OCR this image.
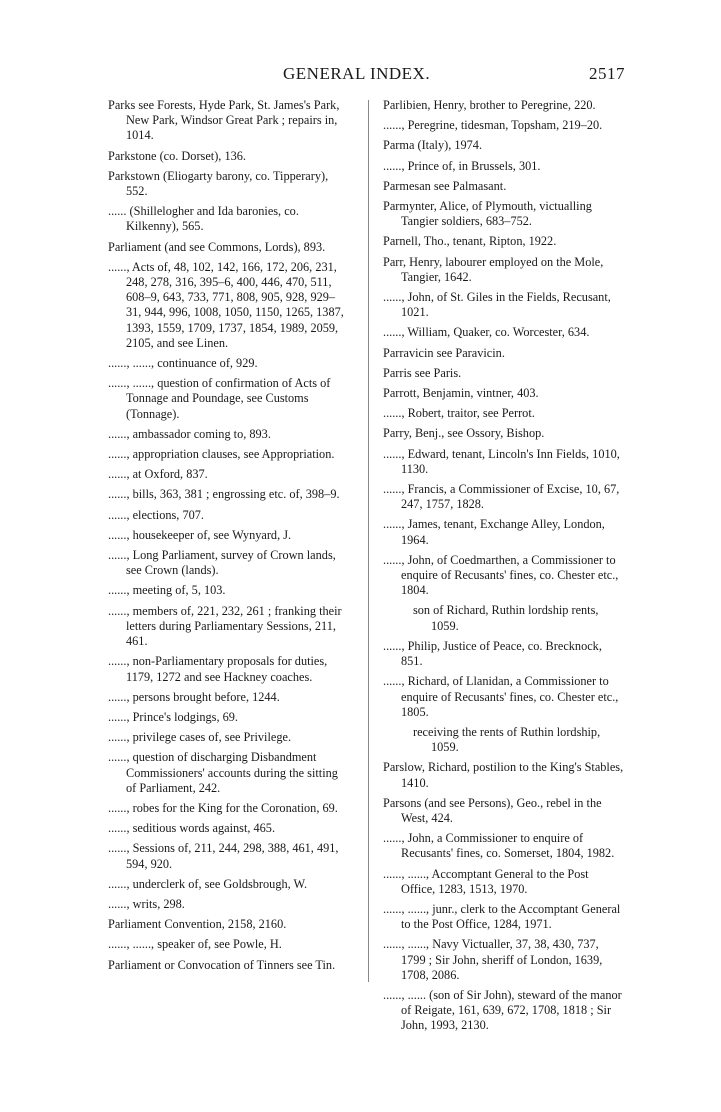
GENERAL INDEX.	2517

Parks see Forests, Hyde Park, St. James's Park, New Park, Windsor Great Park ; repairs in, 1014.

Parkstone (co. Dorset), 136.

Parkstown (Eliogarty barony, co. Tipperary), 552.

...... (Shillelogher and Ida baronies, co. Kilkenny), 565.

Parliament (and see Commons, Lords), 893.

......, Acts of, 48, 102, 142, 166, 172, 206, 231, 248, 278, 316, 395–6, 400, 446, 470, 511, 608–9, 643, 733, 771, 808, 905, 928, 929–31, 944, 996, 1008, 1050, 1150, 1265, 1387, 1393, 1559, 1709, 1737, 1854, 1989, 2059, 2105, and see Linen.

......, ......, continuance of, 929.

......, ......, question of confirmation of Acts of Tonnage and Poundage, see Customs (Tonnage).

......, ambassador coming to, 893.

......, appropriation clauses, see Appropriation.

......, at Oxford, 837.

......, bills, 363, 381 ; engrossing etc. of, 398–9.

......, elections, 707.

......, housekeeper of, see Wynyard, J.

......, Long Parliament, survey of Crown lands, see Crown (lands).

......, meeting of, 5, 103.

......, members of, 221, 232, 261 ; franking their letters during Parliamentary Sessions, 211, 461.

......, non-Parliamentary proposals for duties, 1179, 1272 and see Hackney coaches.

......, persons brought before, 1244.

......, Prince's lodgings, 69.

......, privilege cases of, see Privilege.

......, question of discharging Disbandment Commissioners' accounts during the sitting of Parliament, 242.

......, robes for the King for the Coronation, 69.

......, seditious words against, 465.

......, Sessions of, 211, 244, 298, 388, 461, 491, 594, 920.

......, underclerk of, see Goldsbrough, W.

......, writs, 298.

Parliament Convention, 2158, 2160.

......, ......, speaker of, see Powle, H.

Parliament or Convocation of Tinners see Tin.

Parlibien, Henry, brother to Peregrine, 220.

......, Peregrine, tidesman, Topsham, 219–20.

Parma (Italy), 1974.

......, Prince of, in Brussels, 301.

Parmesan see Palmasant.

Parmynter, Alice, of Plymouth, victualling Tangier soldiers, 683–752.

Parnell, Tho., tenant, Ripton, 1922.

Parr, Henry, labourer employed on the Mole, Tangier, 1642.

......, John, of St. Giles in the Fields, Recusant, 1021.

......, William, Quaker, co. Worcester, 634.

Parravicin see Paravicin.

Parris see Paris.

Parrott, Benjamin, vintner, 403.

......, Robert, traitor, see Perrot.

Parry, Benj., see Ossory, Bishop.

......, Edward, tenant, Lincoln's Inn Fields, 1010, 1130.

......, Francis, a Commissioner of Excise, 10, 67, 247, 1757, 1828.

......, James, tenant, Exchange Alley, London, 1964.

......, John, of Coedmarthen, a Commissioner to enquire of Recusants' fines, co. Chester etc., 1804.

son of Richard, Ruthin lordship rents, 1059.

......, Philip, Justice of Peace, co. Brecknock, 851.

......, Richard, of Llanidan, a Commissioner to enquire of Recusants' fines, co. Chester etc., 1805.

receiving the rents of Ruthin lordship, 1059.

Parslow, Richard, postilion to the King's Stables, 1410.

Parsons (and see Persons), Geo., rebel in the West, 424.

......, John, a Commissioner to enquire of Recusants' fines, co. Somerset, 1804, 1982.

......, ......, Accomptant General to the Post Office, 1283, 1513, 1970.

......, ......, junr., clerk to the Accomptant General to the Post Office, 1284, 1971.

......, ......, Navy Victualler, 37, 38, 430, 737, 1799 ; Sir John, sheriff of London, 1639, 1708, 2086.

......, ...... (son of Sir John), steward of the manor of Reigate, 161, 639, 672, 1708, 1818 ; Sir John, 1993, 2130.
